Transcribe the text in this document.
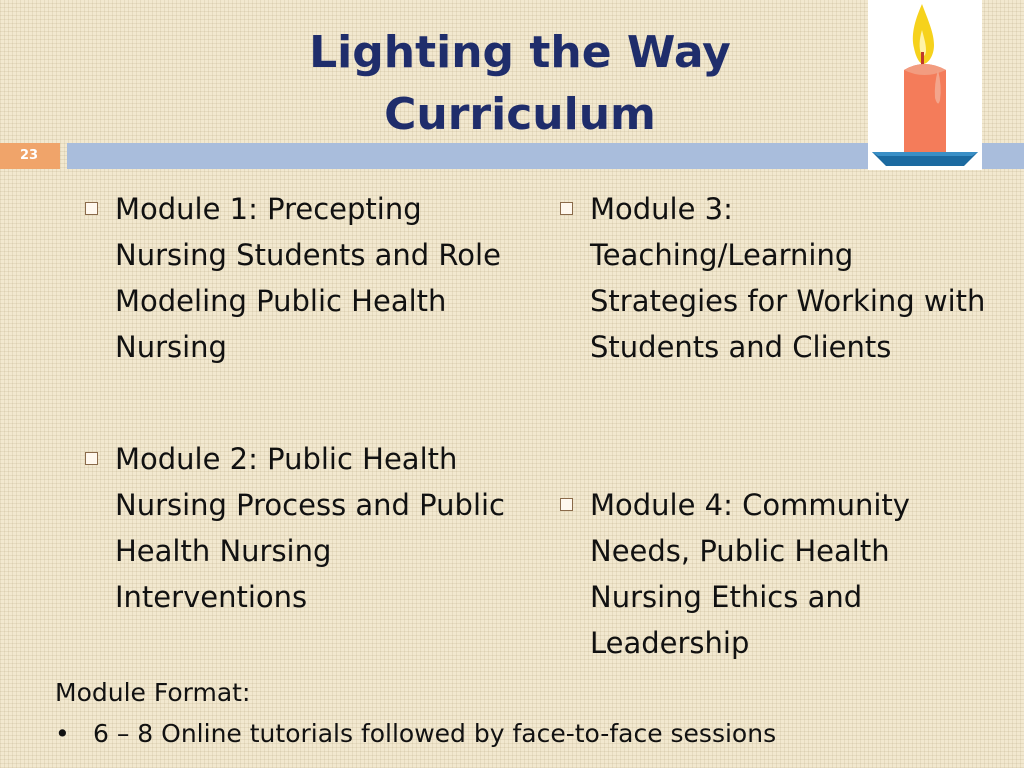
Lighting the Way
Curriculum
23
Module 1: Precepting Nursing Students and Role Modeling Public Health Nursing
Module 2: Public Health Nursing Process and Public Health Nursing Interventions
Module 3: Teaching/Learning Strategies for Working with Students and Clients
Module 4: Community Needs, Public Health Nursing Ethics and Leadership
Module Format:
• 6 – 8 Online tutorials followed by face-to-face sessions
